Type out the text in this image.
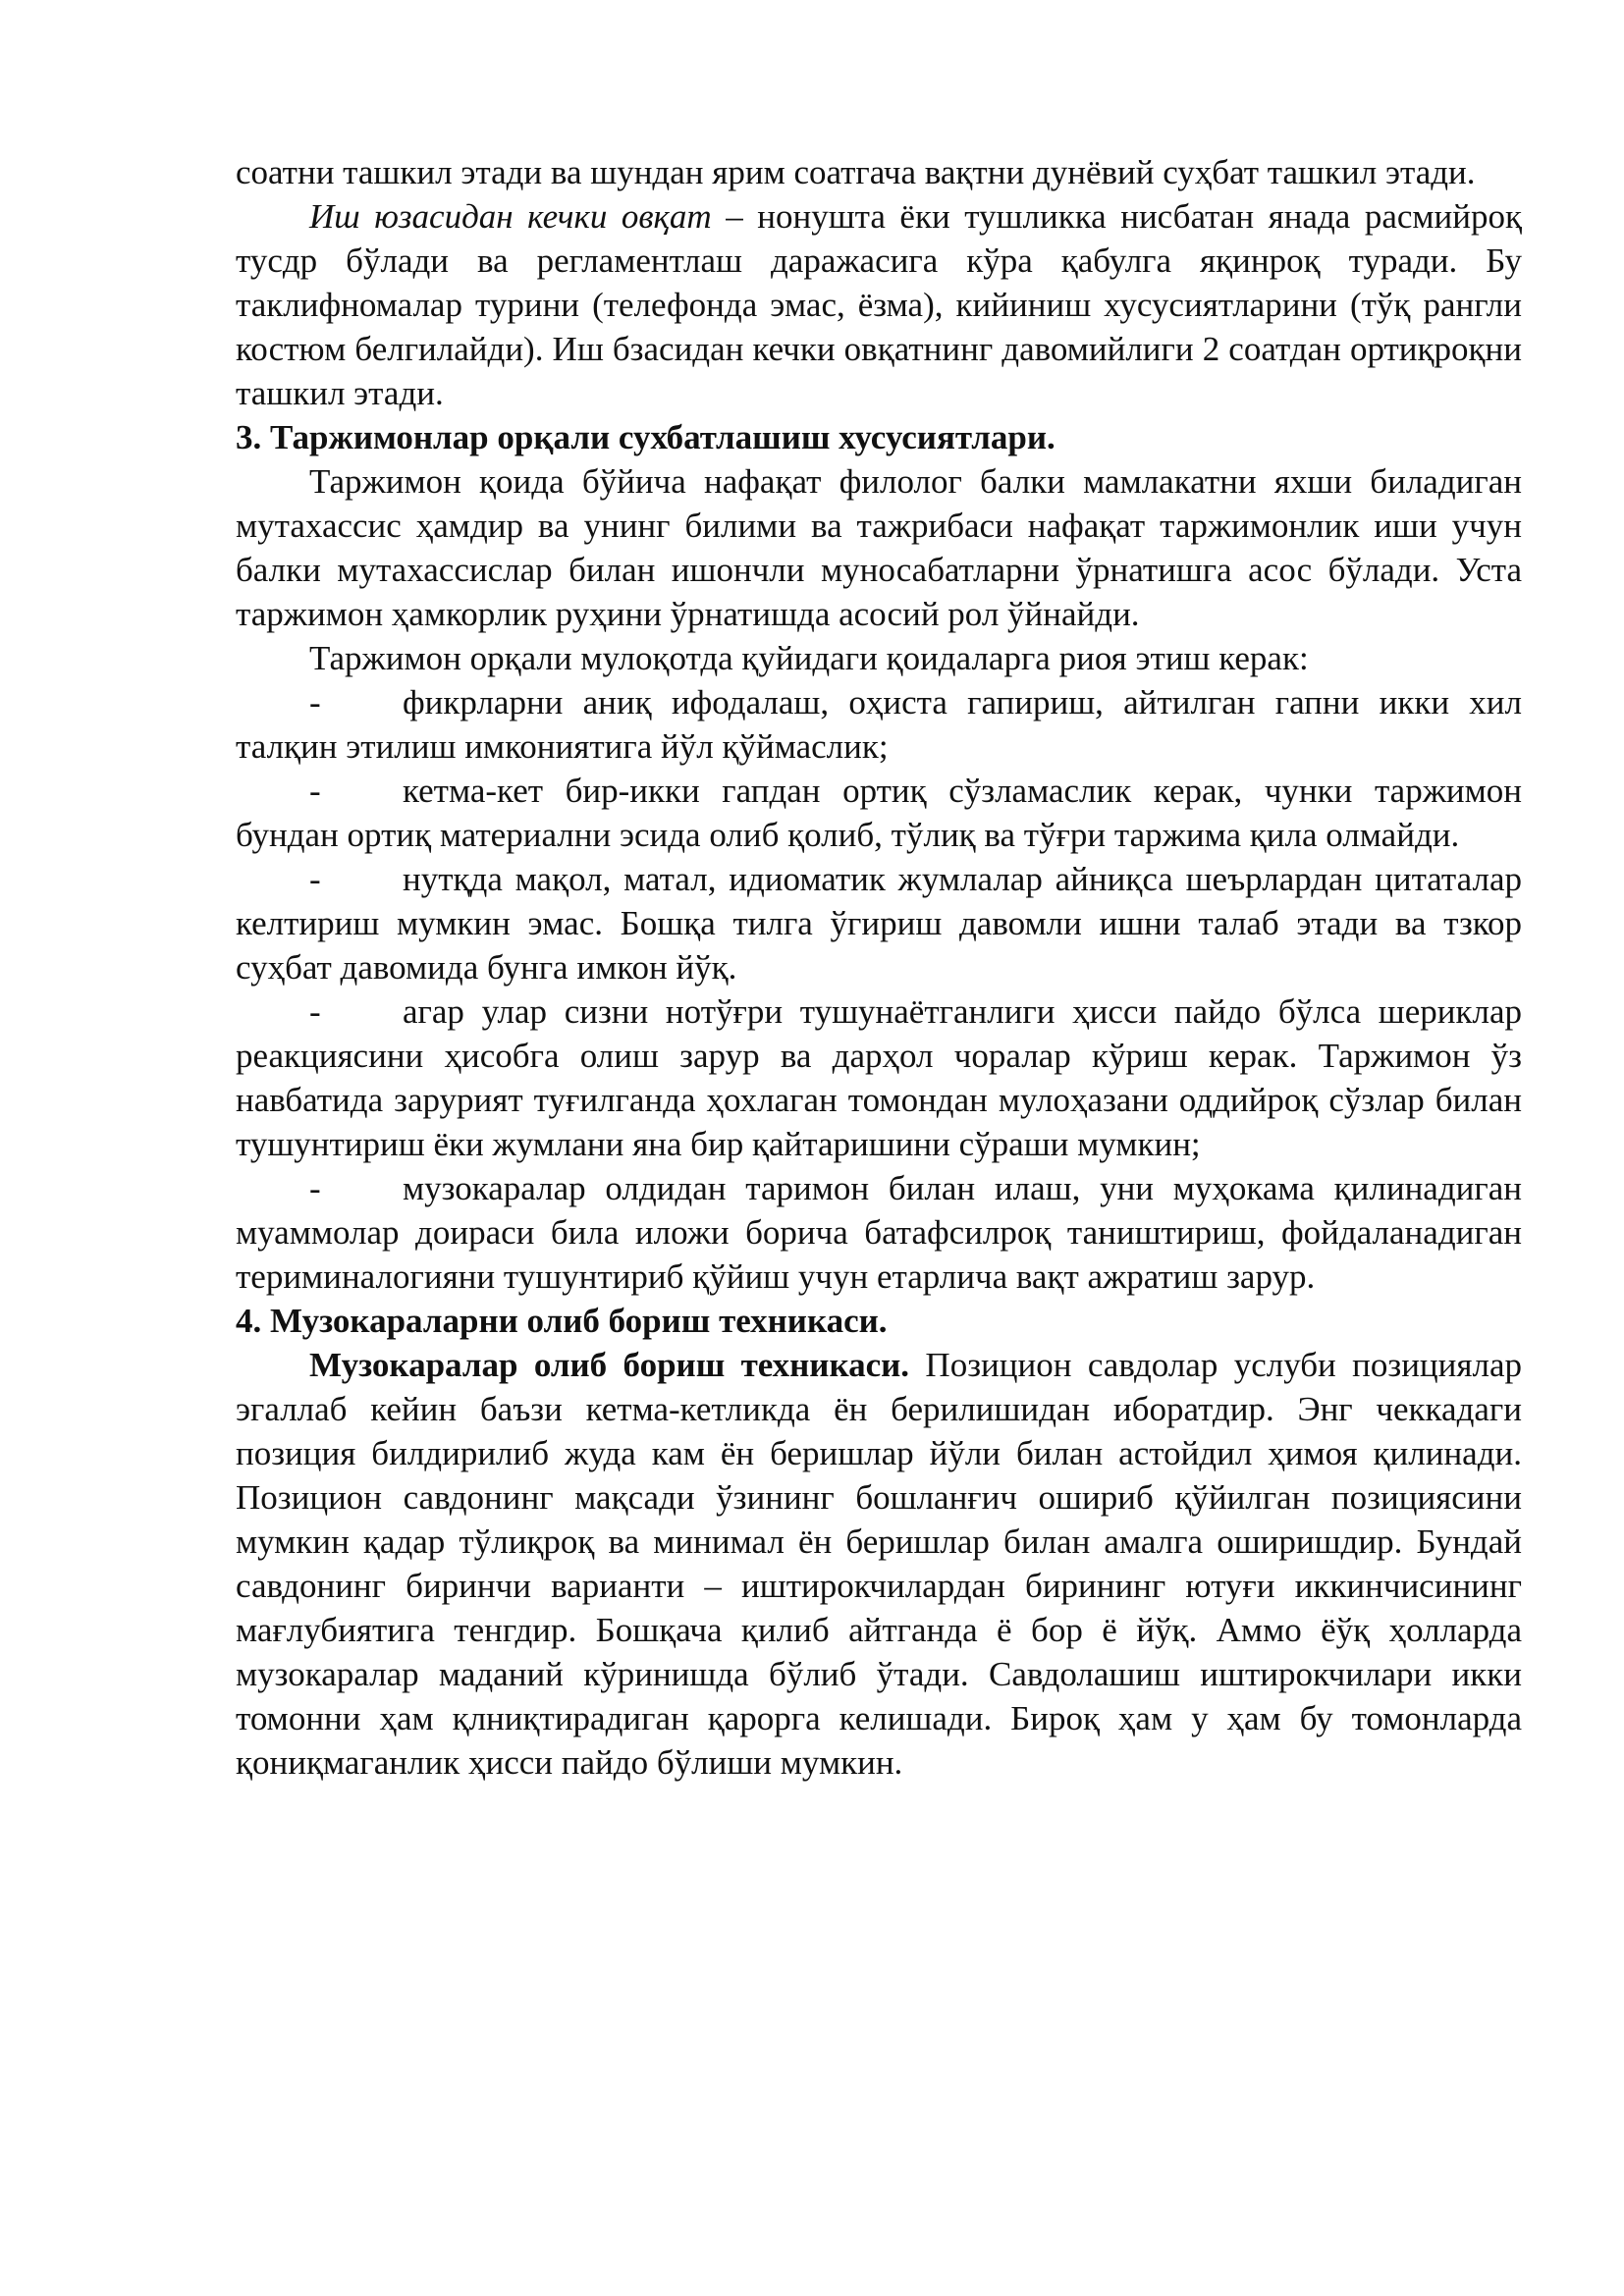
соатни ташкил этади ва шундан ярим соатгача вақтни дунёвий суҳбат ташкил этади.

Иш юзасидан кечки овқат – нонушта ёки тушликка нисбатан янада расмийроқ тусдр бўлади ва регламентлаш даражасига кўра қабулга яқинроқ туради. Бу таклифномалар турини (телефонда эмас, ёзма), кийиниш хусусиятларини (тўқ рангли костюм белгилайди). Иш бзасидан кечки овқатнинг давомийлиги 2 соатдан ортиқроқни ташкил этади.

3. Таржимонлар орқали сухбатлашиш хусусиятлари.

Таржимон қоида бўйича нафақат филолог балки мамлакатни яхши биладиган мутахассис ҳамдир ва унинг билими ва тажрибаси нафақат таржимонлик иши учун балки мутахассислар билан ишончли муносабатларни ўрнатишга асос бўлади. Уста таржимон ҳамкорлик руҳини ўрнатишда асосий рол ўйнайди.

Таржимон орқали мулоқотда қуйидаги қоидаларга риоя этиш керак:

- фикрларни аниқ ифодалаш, оҳиста гапириш, айтилган гапни икки хил талқин этилиш имкониятига йўл қўймаслик;

- кетма-кет бир-икки гапдан ортиқ сўзламаслик керак, чунки таржимон бундан ортиқ материални эсида олиб қолиб, тўлиқ ва тўғри таржима қила олмайди.

- нутқда мақол, матал, идиоматик жумлалар айниқса шеърлардан цитаталар келтириш мумкин эмас. Бошқа тилга ўгириш давомли ишни талаб этади ва тзкор суҳбат давомида бунга имкон йўқ.

- агар улар сизни нотўғри тушунаётганлиги ҳисси пайдо бўлса шериклар реакциясини ҳисобга олиш зарур ва дарҳол чоралар кўриш керак. Таржимон ўз навбатида зарурият туғилганда ҳохлаган томондан мулоҳазани оддийроқ сўзлар билан тушунтириш ёки жумлани яна бир қайтаришини сўраши мумкин;

- музокаралар олдидан таримон билан илаш, уни муҳокама қилинадиган муаммолар доираси била иложи борича батафсилроқ таништириш, фойдаланадиган териминалогияни тушунтириб қўйиш учун етарлича вақт ажратиш зарур.

4. Музокараларни олиб бориш техникаси.

Музокаралар олиб бориш техникаси. Позицион савдолар услуби позициялар эгаллаб кейин баъзи кетма-кетликда ён берилишидан иборатдир. Энг чеккадаги позиция билдирилиб жуда кам ён беришлар йўли билан астойдил ҳимоя қилинади. Позицион савдонинг мақсади ўзининг бошланғич ошириб қўйилган позициясини мумкин қадар тўлиқроқ ва минимал ён беришлар билан амалга оширишдир. Бундай савдонинг биринчи варианти – иштирокчилардан бирининг ютуғи иккинчисининг мағлубиятига тенгдир. Бошқача қилиб айтганда ё бор ё йўқ. Аммо ёўқ ҳолларда музокаралар маданий кўринишда бўлиб ўтади. Савдолашиш иштирокчилари икки томонни ҳам қлниқтирадиган қарорга келишади. Бироқ ҳам у ҳам бу томонларда қониқмаганлик ҳисси пайдо бўлиши мумкин.
